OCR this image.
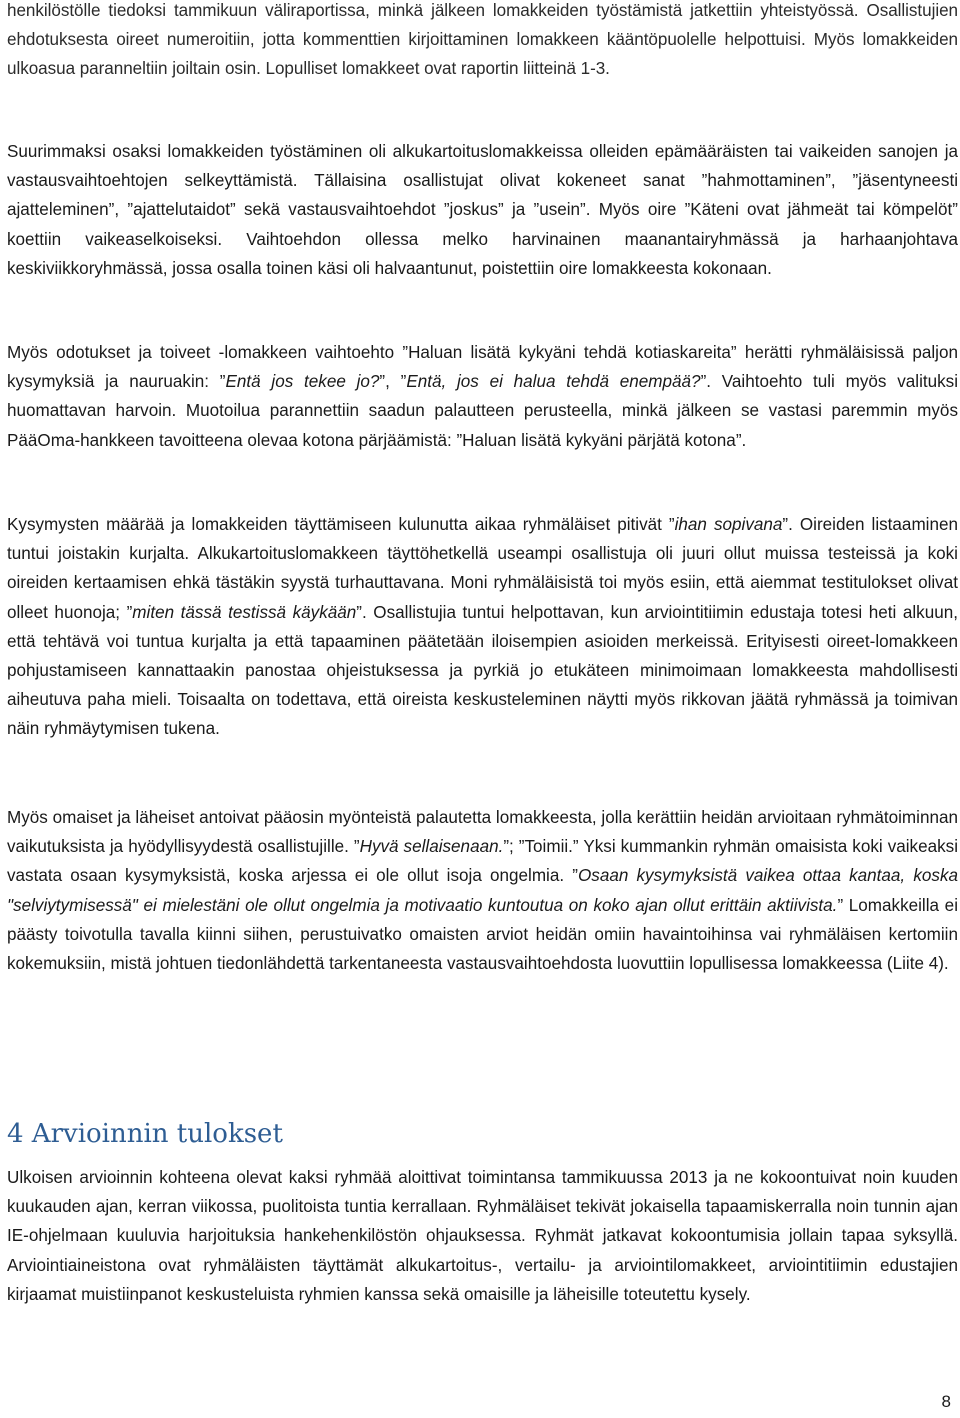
henkilöstölle tiedoksi tammikuun väliraportissa, minkä jälkeen lomakkeiden työstämistä jatkettiin yhteistyössä. Osallistujien ehdotuksesta oireet numeroitiin, jotta kommenttien kirjoittaminen lomakkeen kääntöpuolelle helpottuisi. Myös lomakkeiden ulkoasua paranneltiin joiltain osin. Lopulliset lomakkeet ovat raportin liitteinä 1-3.

Suurimmaksi osaksi lomakkeiden työstäminen oli alkukartoituslomakkeissa olleiden epämääräisten tai vaikeiden sanojen ja vastausvaihtoehtojen selkeyttämistä. Tällaisina osallistujat olivat kokeneet sanat ”hahmottaminen”, ”jäsentyneesti ajatteleminen”, ”ajattelutaidot” sekä vastausvaihtoehdot ”joskus” ja ”usein”. Myös oire ”Käteni ovat jähmeät tai kömpelöt” koettiin vaikeaselkoiseksi. Vaihtoehdon ollessa melko harvinainen maanantairyhmässä ja harhaanjohtava keskiviikkoryhmässä, jossa osalla toinen käsi oli halvaantunut, poistettiin oire lomakkeesta kokonaan.

Myös odotukset ja toiveet -lomakkeen vaihtoehto ”Haluan lisätä kykyäni tehdä kotiaskareita” herätti ryhmäläisissä paljon kysymyksiä ja nauruakin: ”Entä jos tekee jo?”, ”Entä, jos ei halua tehdä enempää?”. Vaihtoehto tuli myös valituksi huomattavan harvoin. Muotoilua parannettiin saadun palautteen perusteella, minkä jälkeen se vastasi paremmin myös PääOma-hankkeen tavoitteena olevaa kotona pärjäämistä: ”Haluan lisätä kykyäni pärjätä kotona”.

Kysymysten määrää ja lomakkeiden täyttämiseen kulunutta aikaa ryhmäläiset pitivät ”ihan sopivana”. Oireiden listaaminen tuntui joistakin kurjalta. Alkukartoituslomakkeen täyttöhetkellä useampi osallistuja oli juuri ollut muissa testeissä ja koki oireiden kertaamisen ehkä tästäkin syystä turhauttavana. Moni ryhmäläisistä toi myös esiin, että aiemmat testitulokset olivat olleet huonoja; ”miten tässä testissä käykään”. Osallistujia tuntui helpottavan, kun arviointitiimin edustaja totesi heti alkuun, että tehtävä voi tuntua kurjalta ja että tapaaminen päätetään iloisempien asioiden merkeissä. Erityisesti oireet-lomakkeen pohjustamiseen kannattaakin panostaa ohjeistuksessa ja pyrkiä jo etukäteen minimoimaan lomakkeesta mahdollisesti aiheutuva paha mieli. Toisaalta on todettava, että oireista keskusteleminen näytti myös rikkovan jäätä ryhmässä ja toimivan näin ryhmäytymisen tukena.

Myös omaiset ja läheiset antoivat pääosin myönteistä palautetta lomakkeesta, jolla kerättiin heidän arvioitaan ryhmätoiminnan vaikutuksista ja hyödyllisyydestä osallistujille. ”Hyvä sellaisenaan.”; ”Toimii.” Yksi kummankin ryhmän omaisista koki vaikeaksi vastata osaan kysymyksistä, koska arjessa ei ole ollut isoja ongelmia. ”Osaan kysymyksistä vaikea ottaa kantaa, koska "selviytymisessä" ei mielestäni ole ollut ongelmia ja motivaatio kuntoutua on koko ajan ollut erittäin aktiivista.” Lomakkeilla ei päästy toivotulla tavalla kiinni siihen, perustuivatko omaisten arviot heidän omiin havaintoihinsa vai ryhmäläisen kertomiin kokemuksiin, mistä johtuen tiedonlähdettä tarkentaneesta vastausvaihtoehdosta luovuttiin lopullisessa lomakkeessa (Liite 4).

4 Arvioinnin tulokset

Ulkoisen arvioinnin kohteena olevat kaksi ryhmää aloittivat toimintansa tammikuussa 2013 ja ne kokoontuivat noin kuuden kuukauden ajan, kerran viikossa, puolitoista tuntia kerrallaan. Ryhmäläiset tekivät jokaisella tapaamiskerralla noin tunnin ajan IE-ohjelmaan kuuluvia harjoituksia hankehenkilöstön ohjauksessa. Ryhmät jatkavat kokoontumisia jollain tapaa syksyllä. Arviointiaineistona ovat ryhmäläisten täyttämät alkukartoitus-, vertailu- ja arviointilomakkeet, arviointitiimin edustajien kirjaamat muistiinpanot keskusteluista ryhmien kanssa sekä omaisille ja läheisille toteutettu kysely.

8
